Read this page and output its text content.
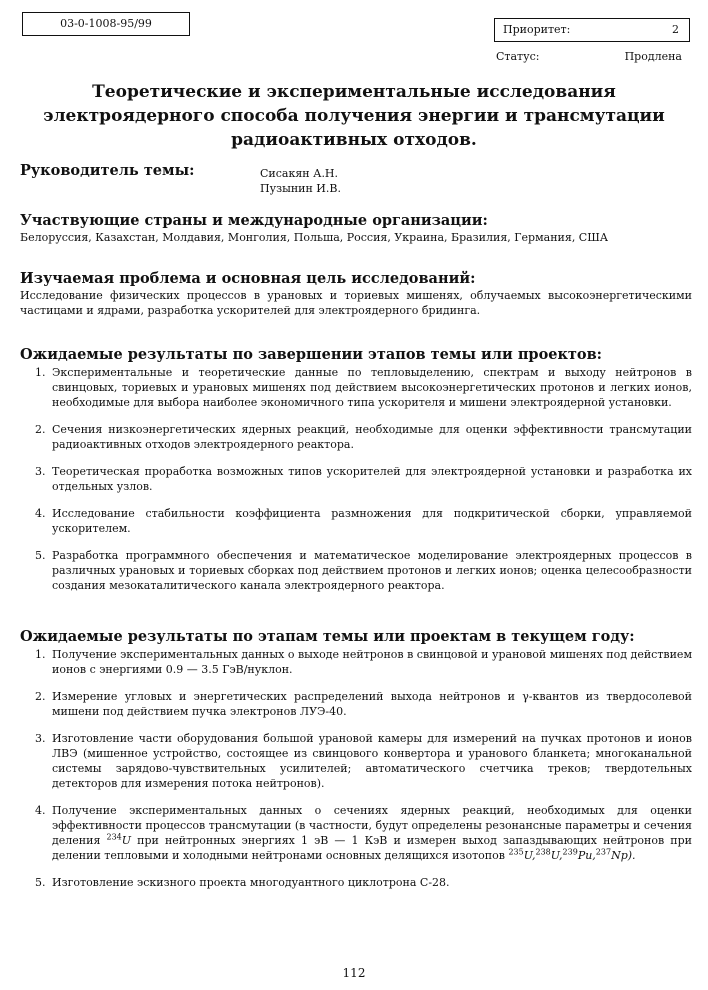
03-0-1008-95/99	Приоритет:	2
Статус:	Продлена
Теоретические и экспериментальные исследования
электроядерного способа получения энергии и трансмутации
радиоактивных отходов.
Руководитель темы:	Сисакян А.Н.
Пузынин И.В.
Участвующие страны и международные организации:

Белоруссия, Казахстан, Молдавия, Монголия, Польша, Россия, Украина, Бразилия, Германия, США

Изучаемая проблема и основная цель исследований:

Исследование физических процессов в урановых и ториевых мишенях, облучаемых высокоэнергетическими частицами и ядрами, разработка ускорителей для электроядерного бридинга.

Ожидаемые результаты по завершении этапов темы или проектов:
1. Экспериментальные и теоретические данные по тепловыделению, спектрам и выходу нейтронов в свинцовых, ториевых и урановых мишенях под действием высокоэнергетических протонов и легких ионов, необходимые для выбора наиболее экономичного типа ускорителя и мишени электроядерной установки.
2. Сечения низкоэнергетических ядерных реакций, необходимые для оценки эффективности трансмутации радиоактивных отходов электроядерного реактора.
3. Теоретическая проработка возможных типов ускорителей для электроядерной установки и разработка их отдельных узлов.
4. Исследование стабильности коэффициента размножения для подкритической сборки, управляемой ускорителем.
5. Разработка программного обеспечения и математическое моделирование электроядерных процессов в различных урановых и ториевых сборках под действием протонов и легких ионов; оценка целесообразности создания мезокаталитического канала электроядерного реактора.
Ожидаемые результаты по этапам темы или проектам в текущем году:
1. Получение экспериментальных данных о выходе нейтронов в свинцовой и урановой мишенях под действием ионов с энергиями 0.9 — 3.5 ГэВ/нуклон.
2. Измерение угловых и энергетических распределений выхода нейтронов и γ-квантов из твердосолевой мишени под действием пучка электронов ЛУЭ-40.
3. Изготовление части оборудования большой урановой камеры для измерений на пучках протонов и ионов ЛВЭ (мишенное устройство, состоящее из свинцового конвертора и уранового бланкета; многоканальной системы зарядово-чувствительных усилителей; автоматического счетчика треков; твердотельных детекторов для измерения потока нейтронов).
4. Получение экспериментальных данных о сечениях ядерных реакций, необходимых для оценки эффективности процессов трансмутации (в частности, будут определены резонансные параметры и сечения деления $^{234}$U при нейтронных энергиях 1 эВ — 1 КэВ и измерен выход запаздывающих нейтронов при делении тепловыми и холодными нейтронами основных делящихся изотопов $^{235}$U,$^{238}$U,$^{239}$Pu,$^{237}$Np).
5. Изготовление эскизного проекта многодуантного циклотрона С-28.
112
